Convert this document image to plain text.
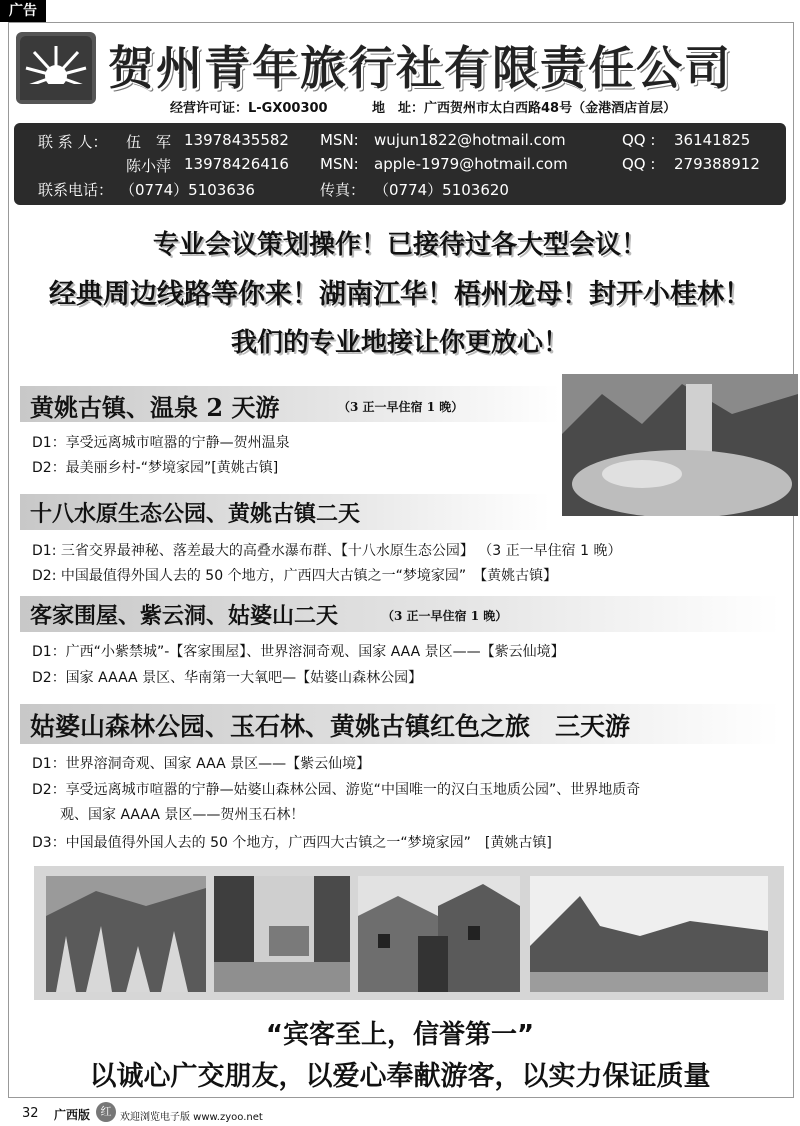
广告
贺州青年旅行社有限责任公司
经营许可证：L-GX00300	地　址：广西贺州市太白西路48号（金港酒店首层）
联 系 人： 伍　军 13978435582 MSN: wujun1822@hotmail.com	QQ : 36141825
陈小萍 13978426416 MSN: apple-1979@hotmail.com	QQ : 279388912
联系电话： （0774）5103636	传真： （0774）5103620
专业会议策划操作！已接待过各大型会议！
经典周边线路等你来！湖南江华！梧州龙母！封开小桂林！
我们的专业地接让你更放心！
黄姚古镇、温泉 2 天游	（3 正一早住宿 1 晚）
D1：享受远离城市喧嚣的宁静—贺州温泉
D2：最美丽乡村-“梦境家园”[黄姚古镇]
十八水原生态公园、黄姚古镇二天
D1: 三省交界最神秘、落差最大的高叠水瀑布群、【十八水原生态公园】 （3 正一早住宿 1 晚）
D2: 中国最值得外国人去的 50 个地方，广西四大古镇之一“梦境家园”　【黄姚古镇】
客家围屋、紫云洞、姑婆山二天	（3 正一早住宿 1 晚）
D1：广西“小紫禁城”-【客家围屋】、世界溶洞奇观、国家 AAA 景区——【紫云仙境】
D2：国家 AAAA 景区、华南第一大氧吧—【姑婆山森林公园】
姑婆山森林公园、玉石林、黄姚古镇红色之旅　三天游
D1：世界溶洞奇观、国家 AAA 景区——【紫云仙境】
D2：享受远离城市喧嚣的宁静—姑婆山森林公园、游览“中国唯一的汉白玉地质公园”、世界地质奇
　　观、国家 AAAA 景区——贺州玉石林！
D3：中国最值得外国人去的 50 个地方，广西四大古镇之一“梦境家园”　[黄姚古镇]
“宾客至上，信誉第一”
以诚心广交朋友，以爱心奉献游客，以实力保证质量
32 广西版 红 欢迎浏览电子版 www.zyoo.net
